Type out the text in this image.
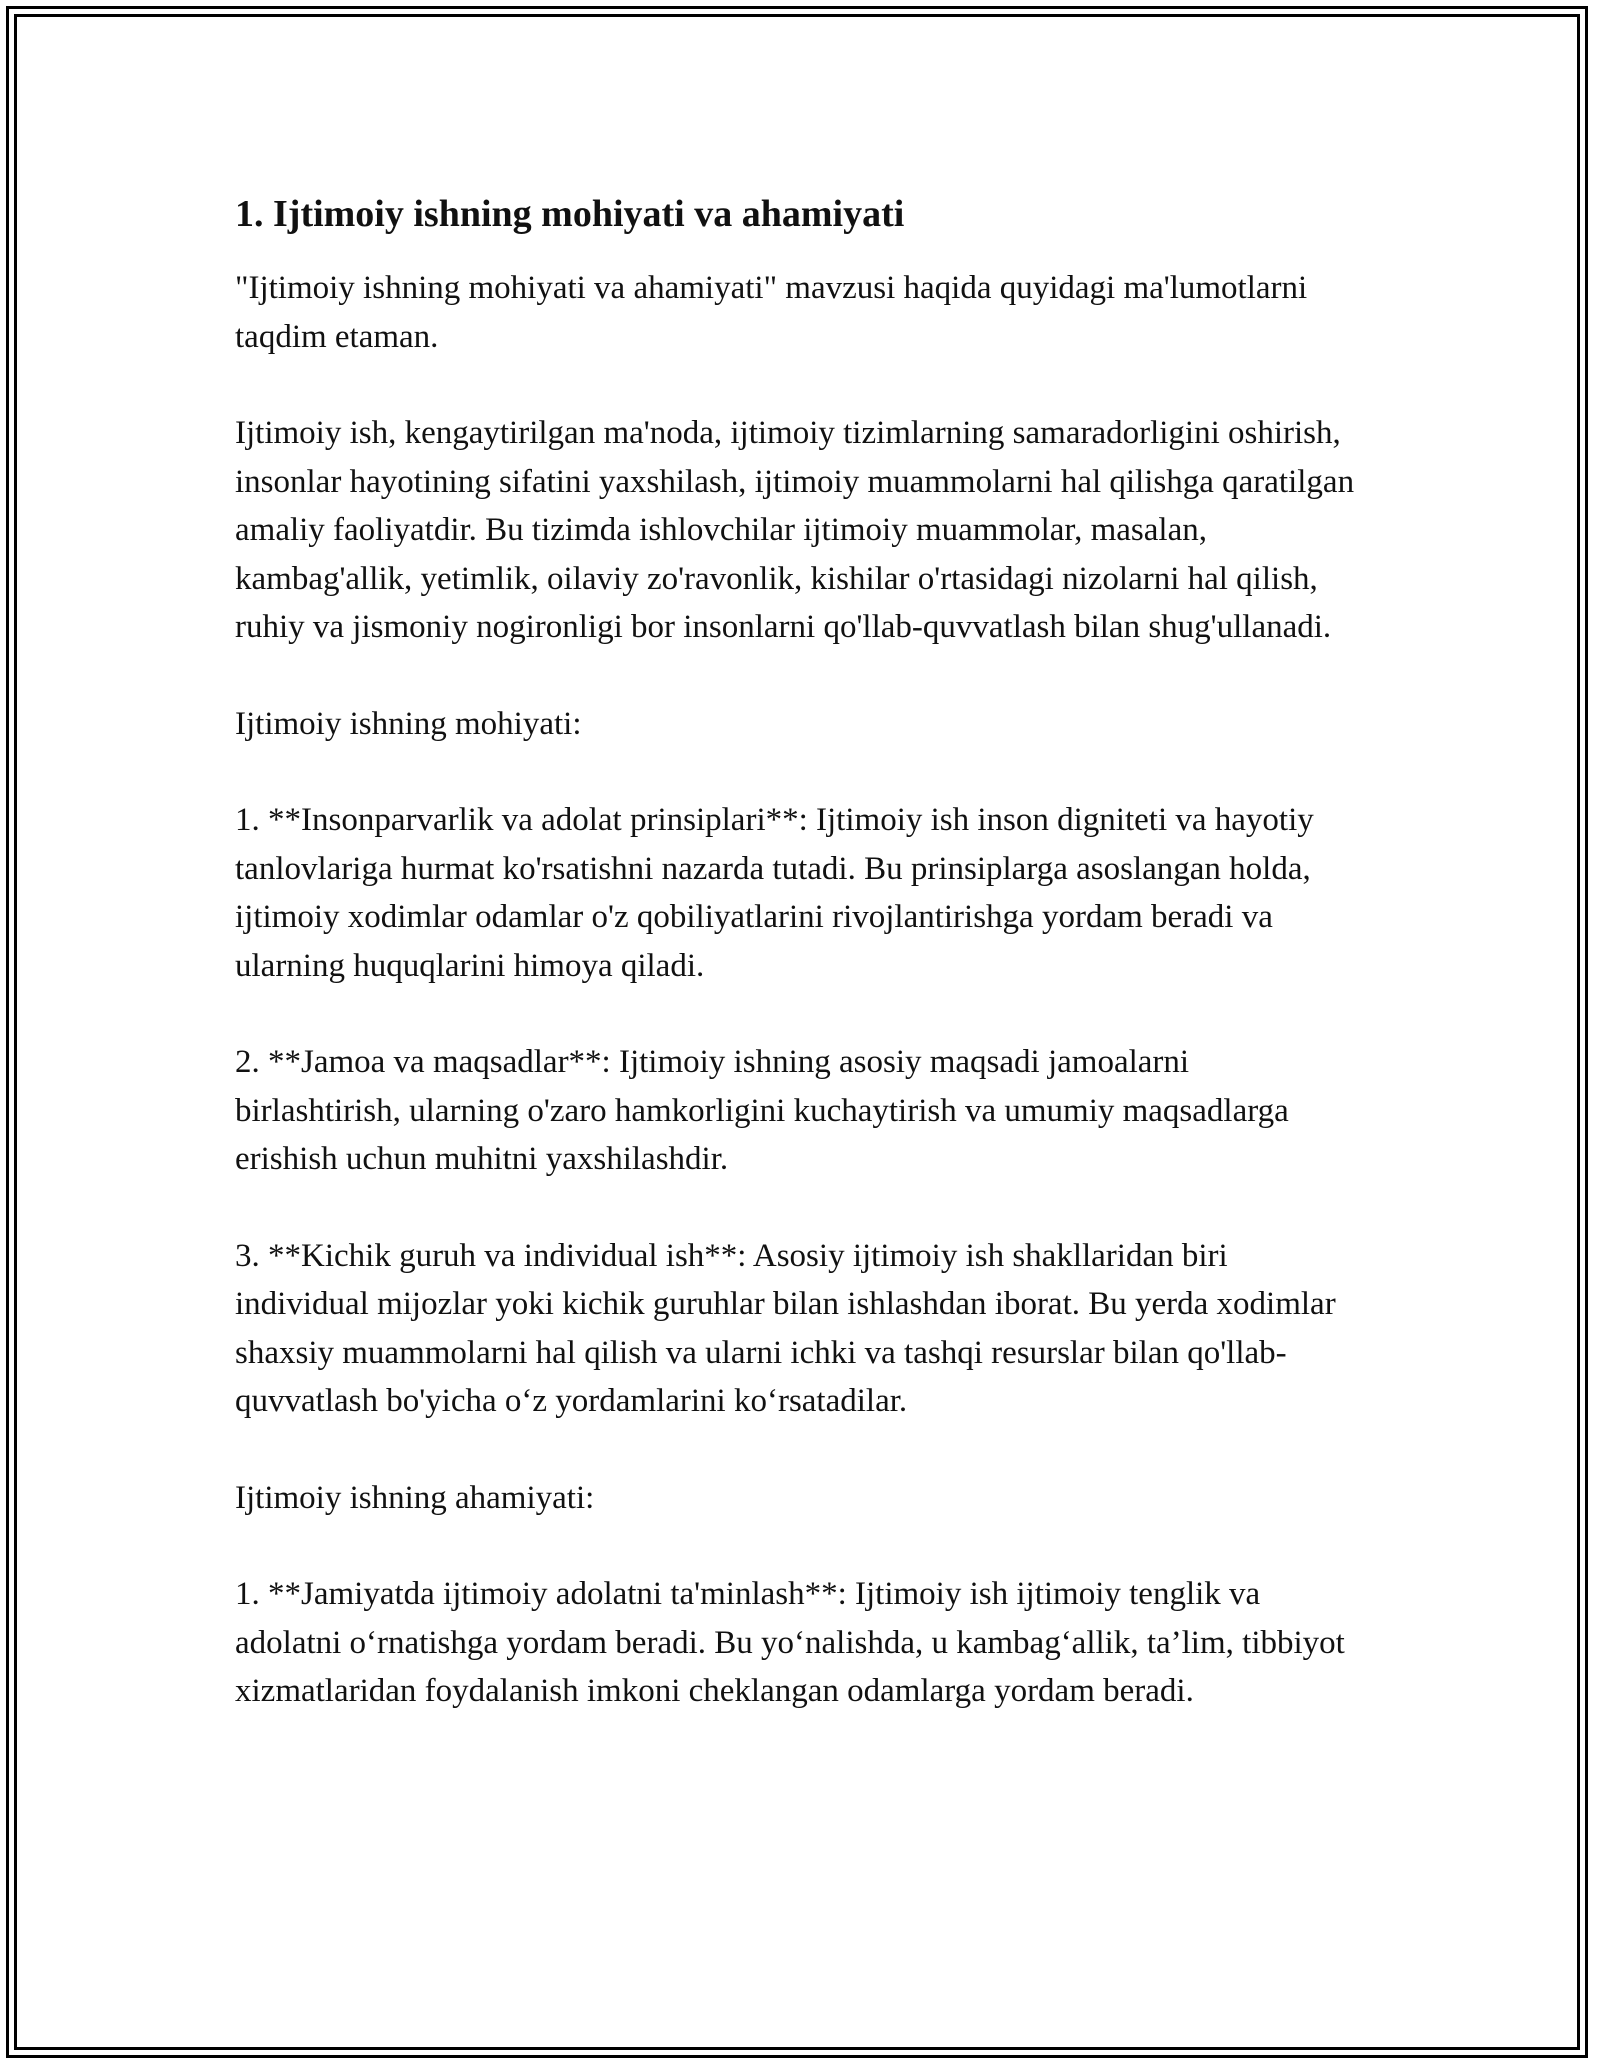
1. Ijtimoiy ishning mohiyati va ahamiyati

"Ijtimoiy ishning mohiyati va ahamiyati" mavzusi haqida quyidagi ma'lumotlarni taqdim etaman.

Ijtimoiy ish, kengaytirilgan ma'noda, ijtimoiy tizimlarning samaradorligini oshirish, insonlar hayotining sifatini yaxshilash, ijtimoiy muammolarni hal qilishga qaratilgan amaliy faoliyatdir. Bu tizimda ishlovchilar ijtimoiy muammolar, masalan, kambag'allik, yetimlik, oilaviy zo'ravonlik, kishilar o'rtasidagi nizolarni hal qilish, ruhiy va jismoniy nogironligi bor insonlarni qo'llab-quvvatlash bilan shug'ullanadi.

Ijtimoiy ishning mohiyati:

1. **Insonparvarlik va adolat prinsiplari**: Ijtimoiy ish inson digniteti va hayotiy tanlovlariga hurmat ko'rsatishni nazarda tutadi. Bu prinsiplarga asoslangan holda, ijtimoiy xodimlar odamlar o'z qobiliyatlarini rivojlantirishga yordam beradi va ularning huquqlarini himoya qiladi.

2. **Jamoa va maqsadlar**: Ijtimoiy ishning asosiy maqsadi jamoalarni birlashtirish, ularning o'zaro hamkorligini kuchaytirish va umumiy maqsadlarga erishish uchun muhitni yaxshilashdir.

3. **Kichik guruh va individual ish**: Asosiy ijtimoiy ish shakllaridan biri individual mijozlar yoki kichik guruhlar bilan ishlashdan iborat. Bu yerda xodimlar shaxsiy muammolarni hal qilish va ularni ichki va tashqi resurslar bilan qo'llab-quvvatlash bo'yicha o‘z yordamlarini ko‘rsatadilar.

Ijtimoiy ishning ahamiyati:

1. **Jamiyatda ijtimoiy adolatni ta'minlash**: Ijtimoiy ish ijtimoiy tenglik va adolatni o‘rnatishga yordam beradi. Bu yo‘nalishda, u kambag‘allik, ta’lim, tibbiyot xizmatlaridan foydalanish imkoni cheklangan odamlarga yordam beradi.
